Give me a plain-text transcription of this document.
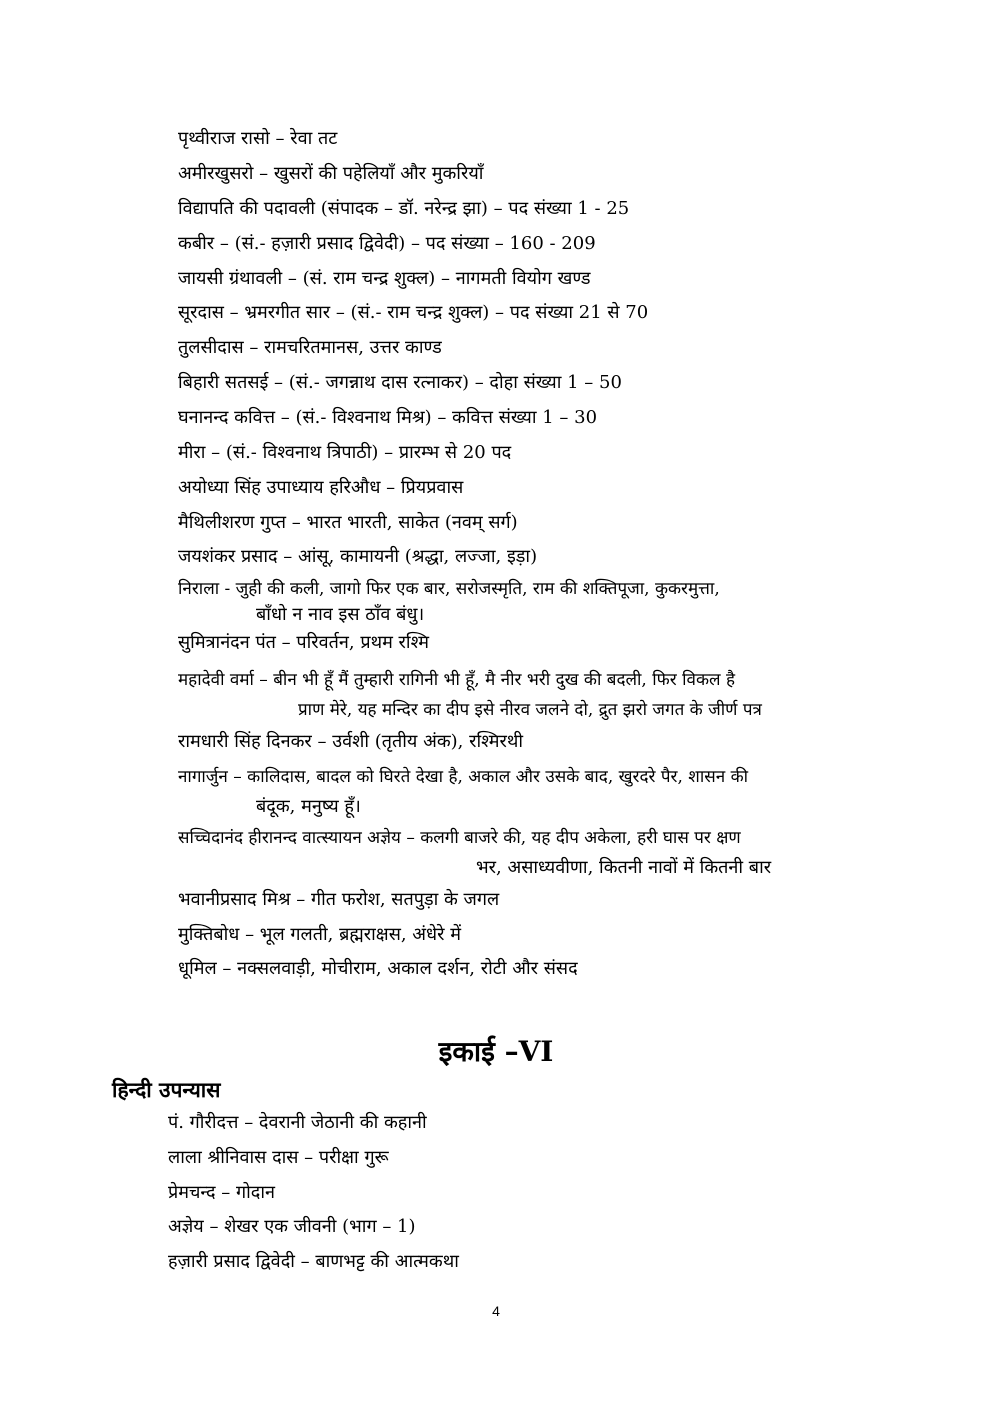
पृथ्वीराज रासो – रेवा तट
अमीरखुसरो – खुसरों की पहेलियाँ और मुकरियाँ
विद्यापति की पदावली (संपादक – डॉ. नरेन्द्र झा) – पद संख्या 1 - 25
कबीर – (सं.- हज़ारी प्रसाद द्विवेदी) – पद संख्या – 160 - 209
जायसी ग्रंथावली – (सं. राम चन्द्र शुक्ल) – नागमती वियोग खण्ड
सूरदास – भ्रमरगीत सार – (सं.- राम चन्द्र शुक्ल) – पद संख्या 21 से 70
तुलसीदास – रामचरितमानस, उत्तर काण्ड
बिहारी सतसई – (सं.- जगन्नाथ दास रत्नाकर) – दोहा संख्या 1 – 50
घनानन्द कवित्त – (सं.- विश्वनाथ मिश्र) – कवित्त संख्या 1 – 30
मीरा – (सं.- विश्वनाथ त्रिपाठी) – प्रारम्भ से 20 पद
अयोध्या सिंह उपाध्याय हरिऔध – प्रियप्रवास
मैथिलीशरण गुप्त – भारत भारती, साकेत (नवम् सर्ग)
जयशंकर प्रसाद – आंसू, कामायनी (श्रद्धा, लज्जा, इड़ा)
निराला - जुही की कली, जागो फिर एक बार, सरोजस्मृति, राम की शक्तिपूजा, कुकरमुत्ता,
बाँधो न नाव इस ठाँव बंधु।
सुमित्रानंदन पंत – परिवर्तन, प्रथम रश्मि
महादेवी वर्मा – बीन भी हूँ मैं तुम्हारी रागिनी भी हूँ, मै नीर भरी दुख की बदली, फिर विकल है
प्राण मेरे, यह मन्दिर का दीप इसे नीरव जलने दो, द्रुत झरो जगत के जीर्ण पत्र
रामधारी सिंह दिनकर – उर्वशी (तृतीय अंक), रश्मिरथी
नागार्जुन – कालिदास, बादल को घिरते देखा है, अकाल और उसके बाद, खुरदरे पैर, शासन की
बंदूक, मनुष्य हूँ।
सच्चिदानंद हीरानन्द वात्स्यायन अज्ञेय – कलगी बाजरे की, यह दीप अकेला, हरी घास पर क्षण
भर, असाध्यवीणा, कितनी नावों में कितनी बार
भवानीप्रसाद मिश्र – गीत फरोश, सतपुड़ा के जगल
मुक्तिबोध – भूल गलती, ब्रह्मराक्षस, अंधेरे में
धूमिल – नक्सलवाड़ी, मोचीराम, अकाल दर्शन, रोटी और संसद
इकाई –VI
हिन्दी उपन्यास
पं. गौरीदत्त – देवरानी जेठानी की कहानी
लाला श्रीनिवास दास – परीक्षा गुरू
प्रेमचन्द – गोदान
अज्ञेय – शेखर एक जीवनी (भाग – 1)
हज़ारी प्रसाद द्विवेदी – बाणभट्ट की आत्मकथा
4
